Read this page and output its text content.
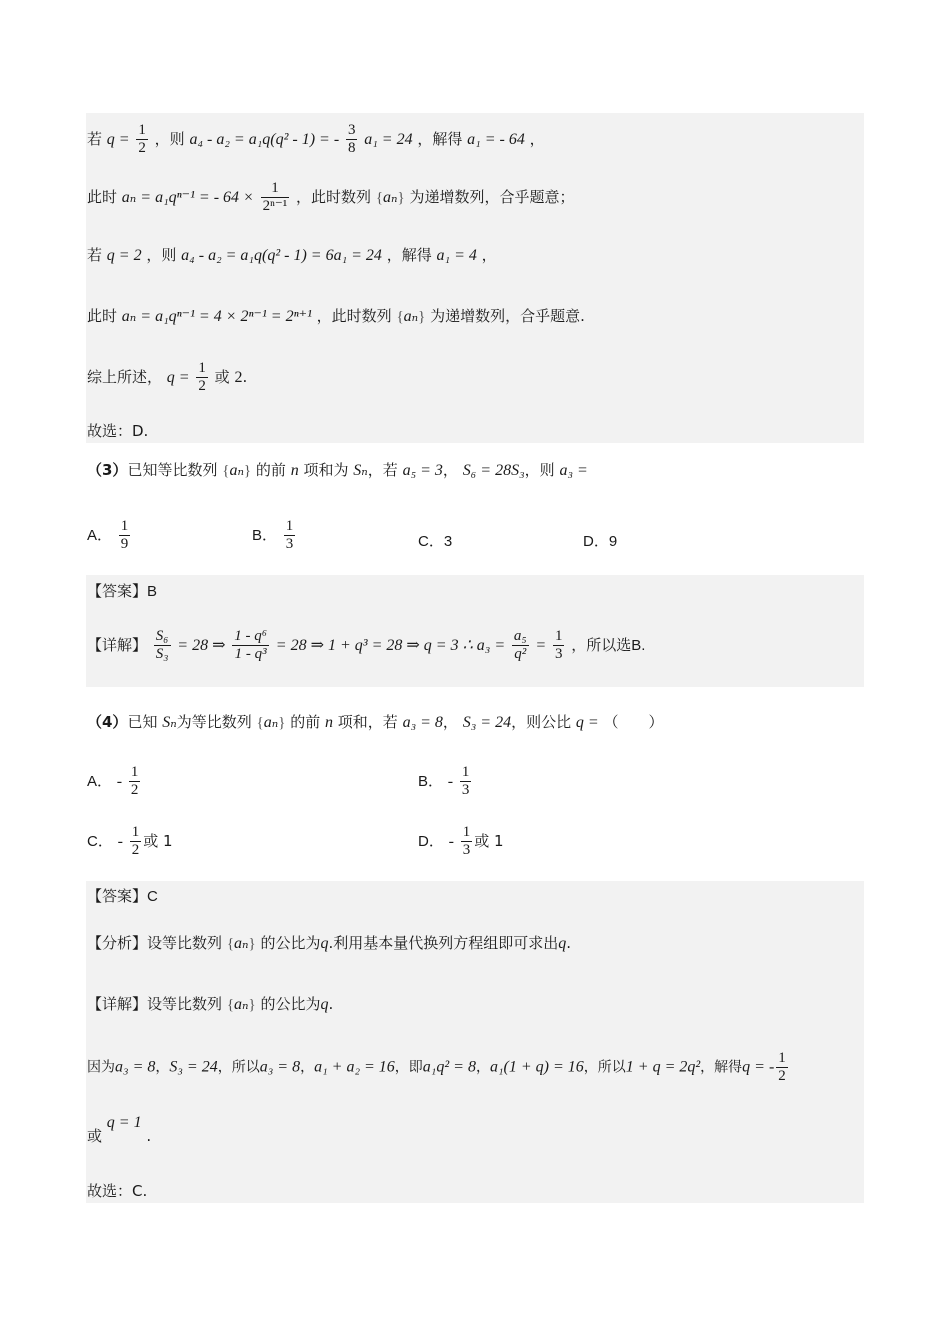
若 $q = \frac{1}{2}$ ，则 a₄ - a₂ = a₁q(q² - 1) = - $\frac{3}{8} a_1 = 24$ ，解得 a₁ = - 64 ，
此时 aₙ = a₁qⁿ⁻¹ = - $64 \times \frac{1}{\text{2ⁿ⁻¹}}$ ，此时数列 {aₙ} 为递增数列，合乎题意；
若 q = 2 ，则 a₄ - a₂ = a₁q(q² - 1) = 6a₁ = 24 ，解得 a₁ = 4 ，
此时 aₙ = a₁qⁿ⁻¹ = 4 × 2ⁿ⁻¹ = 2ⁿ⁺¹ ，此时数列 {aₙ} 为递增数列，合乎题意.
综上所述， $q = \frac{1}{2}$ 或 2.
故选：D.
（3）已知等比数列 {aₙ} 的前 n 项和为 Sₙ，若 a₅ = 3， S₆ = 28S₃，则 a₃ =
A． $\frac{1}{9}$	B． $\frac{1}{3}$	C．3	D．9
【答案】B
【详解】 $\frac{\text{S₆}}{\text{S₃}} = 28$ ⇒ $\frac{\text{1 - q⁶}}{\text{1 - q³}} = 28$ ⇒ 1 + q³ = 28 ⇒ q = 3 ∴ $a_3 = \frac{\text{a₅}}{\text{q²}} = \frac{1}{3}$ ，所以选B.
（4）已知 Sₙ为等比数列 {aₙ} 的前 n 项和，若 a₃ = 8， S₃ = 24，则公比 q = （　　）
A． - $\frac{1}{2}$	B． - $\frac{1}{3}$
C． - $\frac{1}{2}$ 或 1	D． - $\frac{1}{3}$ 或 1
【答案】C
【分析】设等比数列 {aₙ} 的公比为q.利用基本量代换列方程组即可求出q.
【详解】设等比数列 {aₙ} 的公比为q.
因为a₃ = 8，S₃ = 24，所以a₃ = 8，a₁ + a₂ = 16，即a₁q² = 8，a₁(1 + q) = 16，所以1 + q = 2q²，解得q = - $\frac{1}{2}$
或 q = 1 .
故选：C.
